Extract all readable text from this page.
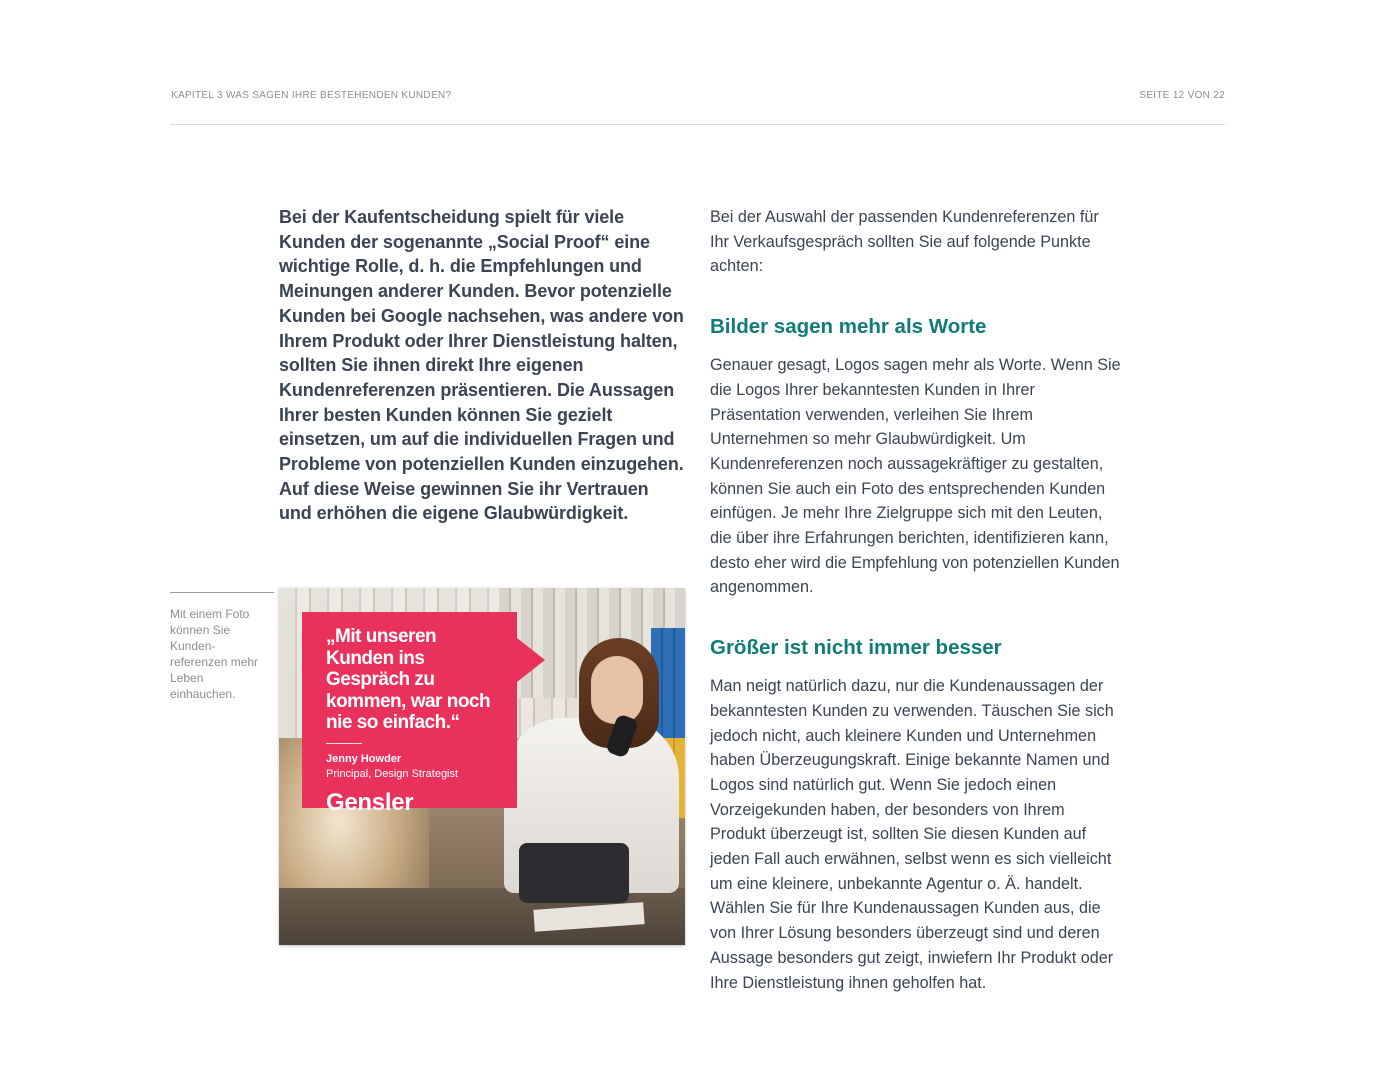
KAPITEL 3 WAS SAGEN IHRE BESTEHENDEN KUNDEN?	SEITE 12 VON 22

Bei der Kaufentscheidung spielt für viele Kunden der sogenannte „Social Proof“ eine wichtige Rolle, d. h. die Empfehlungen und Meinungen anderer Kunden. Bevor potenzielle Kunden bei Google nachsehen, was andere von Ihrem Produkt oder Ihrer Dienstleistung halten, sollten Sie ihnen direkt Ihre eigenen Kundenreferenzen präsentieren. Die Aussagen Ihrer besten Kunden können Sie gezielt einsetzen, um auf die individuellen Fragen und Probleme von potenziellen Kunden einzugehen. Auf diese Weise gewinnen Sie ihr Vertrauen und erhöhen die eigene Glaubwürdigkeit.

Mit einem Foto können Sie Kunden-referenzen mehr Leben einhauchen.

„Mit unseren Kunden ins Gespräch zu kommen, war noch nie so einfach.“

Jenny Howder

Principal, Design Strategist

Gensler

Bei der Auswahl der passenden Kundenreferenzen für Ihr Verkaufsgespräch sollten Sie auf folgende Punkte achten:

Bilder sagen mehr als Worte

Genauer gesagt, Logos sagen mehr als Worte. Wenn Sie die Logos Ihrer bekanntesten Kunden in Ihrer Präsentation verwenden, verleihen Sie Ihrem Unternehmen so mehr Glaubwürdigkeit. Um Kundenreferenzen noch aussagekräftiger zu gestalten, können Sie auch ein Foto des entsprechenden Kunden einfügen. Je mehr Ihre Zielgruppe sich mit den Leuten, die über ihre Erfahrungen berichten, identifizieren kann, desto eher wird die Empfehlung von potenziellen Kunden angenommen.

Größer ist nicht immer besser

Man neigt natürlich dazu, nur die Kundenaussagen der bekanntesten Kunden zu verwenden. Täuschen Sie sich jedoch nicht, auch kleinere Kunden und Unternehmen haben Überzeugungskraft. Einige bekannte Namen und Logos sind natürlich gut. Wenn Sie jedoch einen Vorzeigekunden haben, der besonders von Ihrem Produkt überzeugt ist, sollten Sie diesen Kunden auf jeden Fall auch erwähnen, selbst wenn es sich vielleicht um eine kleinere, unbekannte Agentur o. Ä. handelt. Wählen Sie für Ihre Kundenaussagen Kunden aus, die von Ihrer Lösung besonders überzeugt sind und deren Aussage besonders gut zeigt, inwiefern Ihr Produkt oder Ihre Dienstleistung ihnen geholfen hat.
